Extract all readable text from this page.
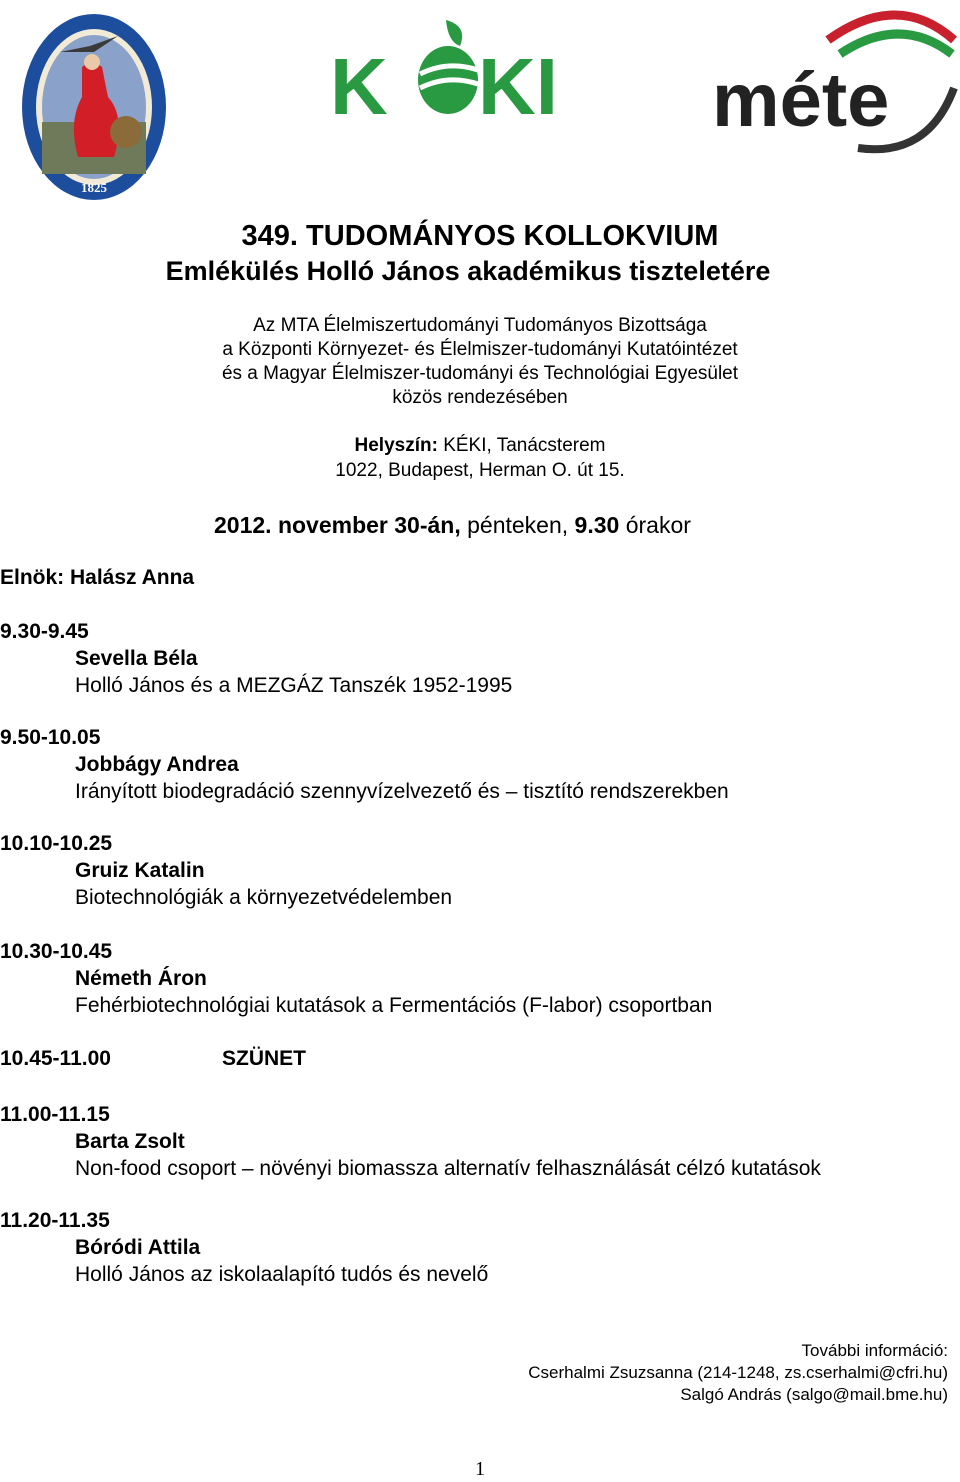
1825
K KI méte
349. TUDOMÁNYOS KOLLOKVIUM
Emlékülés Holló János akadémikus tiszteletére
Az MTA Élelmiszertudományi Tudományos Bizottsága
a Központi Környezet- és Élelmiszer-tudományi Kutatóintézet
és a Magyar Élelmiszer-tudományi és Technológiai Egyesület
közös rendezésében
Helyszín: KÉKI, Tanácsterem
1022, Budapest, Herman O. út 15.
2012. november 30-án, pénteken, 9.30 órakor
Elnök: Halász Anna
9.30-9.45
Sevella Béla
Holló János és a MEZGÁZ Tanszék 1952-1995
9.50-10.05
Jobbágy Andrea
Irányított biodegradáció szennyvízelvezető és – tisztító rendszerekben
10.10-10.25
Gruiz Katalin
Biotechnológiák a környezetvédelemben
10.30-10.45
Németh Áron
Fehérbiotechnológiai kutatások a Fermentációs (F-labor) csoportban
10.45-11.00	SZÜNET
11.00-11.15
Barta Zsolt
Non-food csoport – növényi biomassza alternatív felhasználását célzó kutatások
11.20-11.35
Bóródi Attila
Holló János az iskolaalapító tudós és nevelő
További információ:
Cserhalmi Zsuzsanna (214-1248, zs.cserhalmi@cfri.hu)
Salgó András (salgo@mail.bme.hu)
1
